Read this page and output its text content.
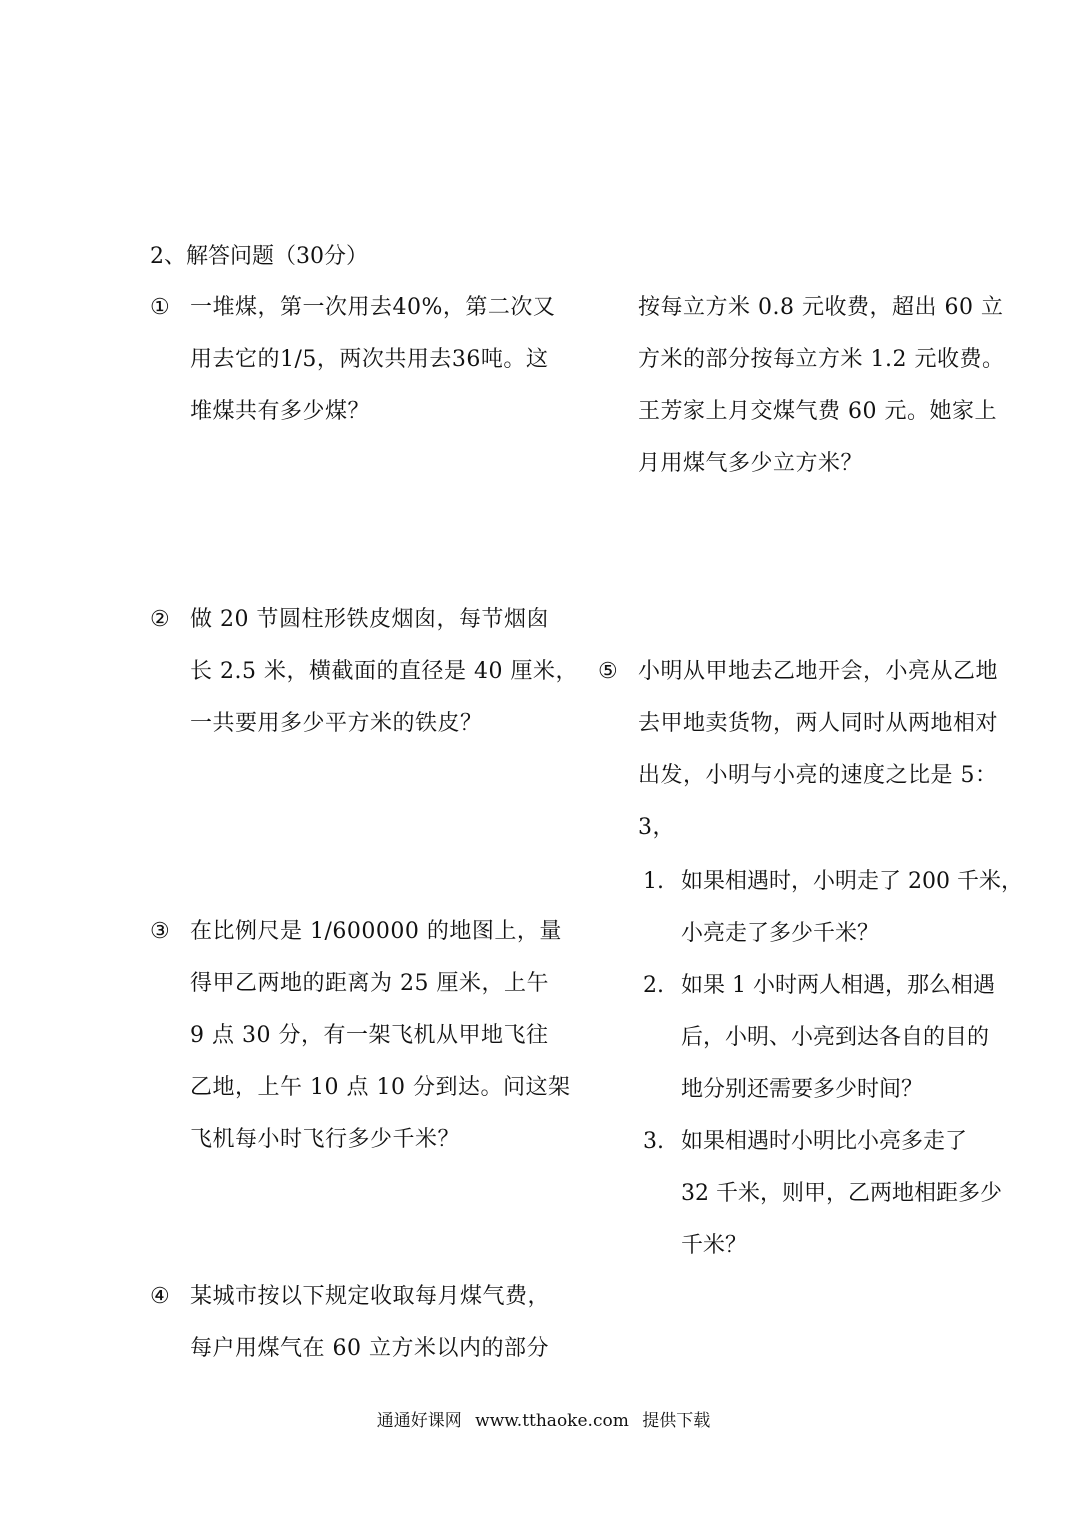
2、解答问题（30分）
① 一堆煤，第一次用去40%，第二次又
用去它的1/5，两次共用去36吨。这
堆煤共有多少煤？
② 做 20 节圆柱形铁皮烟囱，每节烟囱
长 2.5 米，横截面的直径是 40 厘米，
一共要用多少平方米的铁皮？
③ 在比例尺是 1/600000 的地图上，量
得甲乙两地的距离为 25 厘米，上午
9 点 30 分，有一架飞机从甲地飞往
乙地，上午 10 点 10 分到达。问这架
飞机每小时飞行多少千米？
④ 某城市按以下规定收取每月煤气费，
每户用煤气在 60 立方米以内的部分
按每立方米 0.8 元收费，超出 60 立
方米的部分按每立方米 1.2 元收费。
王芳家上月交煤气费 60 元。她家上
月用煤气多少立方米？
⑤ 小明从甲地去乙地开会，小亮从乙地
去甲地卖货物，两人同时从两地相对
出发，小明与小亮的速度之比是 5：
3，
1. 如果相遇时，小明走了 200 千米，
小亮走了多少千米？
2. 如果 1 小时两人相遇，那么相遇
后，小明、小亮到达各自的目的
地分别还需要多少时间？
3. 如果相遇时小明比小亮多走了
32 千米，则甲，乙两地相距多少
千米？
通通好课网 www.tthaoke.com 提供下载
